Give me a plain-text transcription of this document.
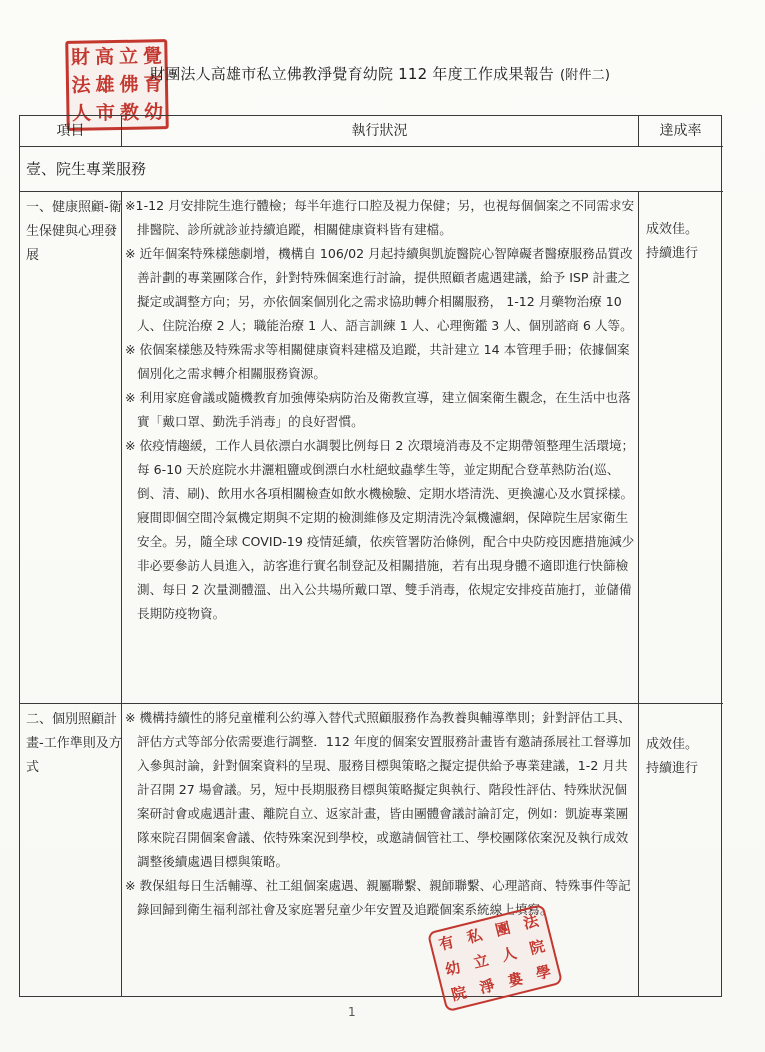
財 高 立 覺
法 雄 佛 育
人 市 教 幼
財團法人高雄市私立佛教淨覺育幼院 112 年度工作成果報告 (附件二)
項目	執行狀況	達成率
壹、院生專業服務
一、健康照顧-衛生保健與心理發展

※1-12 月安排院生進行體檢；每半年進行口腔及視力保健；另，也視每個個案之不同需求安排醫院、診所就診並持續追蹤，相關健康資料皆有建檔。

※ 近年個案特殊樣態劇增，機構自 106/02 月起持續與凱旋醫院心智障礙者醫療服務品質改善計劃的專業團隊合作，針對特殊個案進行討論，提供照顧者處遇建議，給予 ISP 計畫之擬定或調整方向；另，亦依個案個別化之需求協助轉介相關服務， 1-12 月藥物治療 10 人、住院治療 2 人；職能治療 1 人、語言訓練 1 人、心理衡鑑 3 人、個別諮商 6 人等。

※ 依個案樣態及特殊需求等相關健康資料建檔及追蹤，共計建立 14 本管理手冊；依據個案個別化之需求轉介相關服務資源。

※ 利用家庭會議或隨機教育加強傳染病防治及衛教宣導，建立個案衛生觀念，在生活中也落實「戴口罩、勤洗手消毒」的良好習慣。

※ 依疫情趨緩，工作人員依漂白水調製比例每日 2 次環境消毒及不定期帶領整理生活環境；每 6-10 天於庭院水井灑粗鹽或倒漂白水杜絕蚊蟲孳生等，並定期配合登革熱防治(巡、倒、清、刷)、飲用水各項相關檢查如飲水機檢驗、定期水塔清洗、更換濾心及水質採樣。寢間即個空間冷氣機定期與不定期的檢測維修及定期清洗冷氣機濾網，保障院生居家衛生安全。另，隨全球 COVID-19 疫情延續，依疾管署防治條例，配合中央防疫因應措施減少非必要參訪人員進入，訪客進行實名制登記及相關措施，若有出現身體不適即進行快篩檢測、每日 2 次量測體溫、出入公共場所戴口罩、雙手消毒，依規定安排疫苗施打，並儲備長期防疫物資。

成效佳。
持續進行
二、個別照顧計畫-工作準則及方式

※ 機構持續性的將兒童權利公約導入替代式照顧服務作為教養與輔導準則；針對評估工具、評估方式等部分依需要進行調整．112 年度的個案安置服務計畫皆有邀請孫展社工督導加入參與討論，針對個案資料的呈現、服務目標與策略之擬定提供給予專業建議，1-2 月共計召開 27 場會議。另，短中長期服務目標與策略擬定與執行、階段性評估、特殊狀況個案研討會或處遇計畫、離院自立、返家計畫，皆由團體會議討論訂定，例如：凱旋專業團隊來院召開個案會議、依特殊案況到學校，或邀請個管社工、學校團隊依案況及執行成效調整後續處遇目標與策略。

※ 教保組每日生活輔導、社工組個案處遇、親屬聯繫、親師聯繫、心理諮商、特殊事件等記錄回歸到衛生福利部社會及家庭署兒童少年安置及追蹤個案系統線上填寫。

成效佳。
持續進行
有 私 團 法
幼 立 人 院
院 淨 婁 學
1
